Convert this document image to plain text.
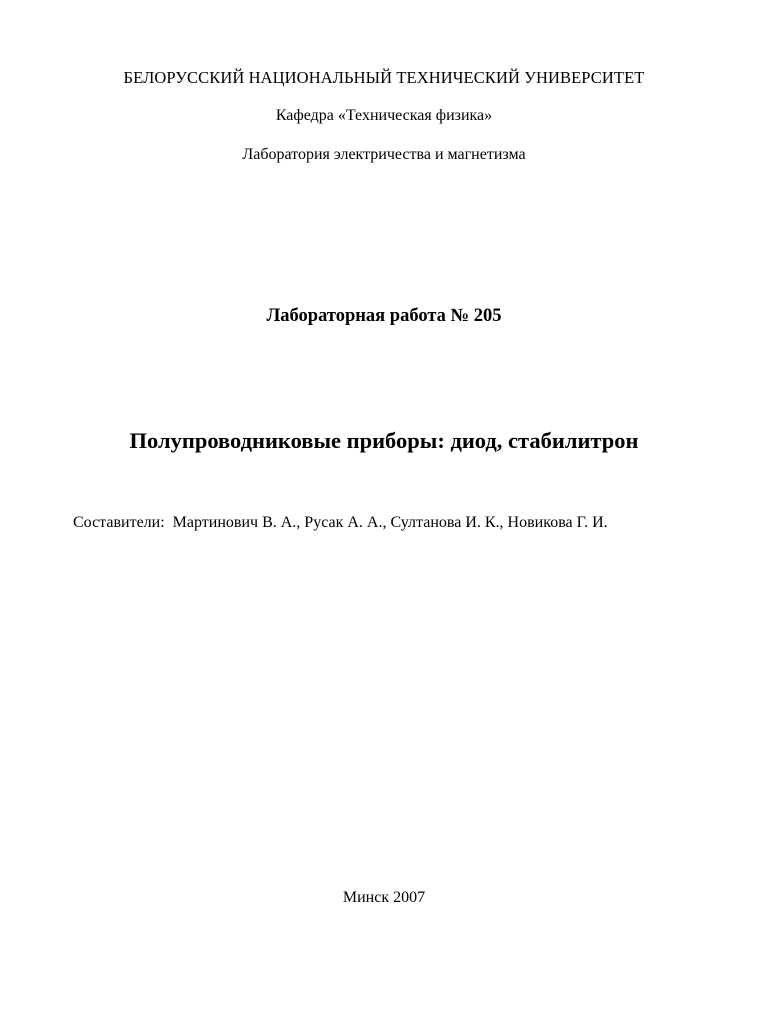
БЕЛОРУССКИЙ НАЦИОНАЛЬНЫЙ ТЕХНИЧЕСКИЙ УНИВЕРСИТЕТ
Кафедра «Техническая физика»
Лаборатория электричества и магнетизма
Лабораторная работа № 205
Полупроводниковые приборы: диод, стабилитрон
Составители: Мартинович В. А., Русак А. А., Султанова И. К., Новикова Г. И.
Минск 2007
